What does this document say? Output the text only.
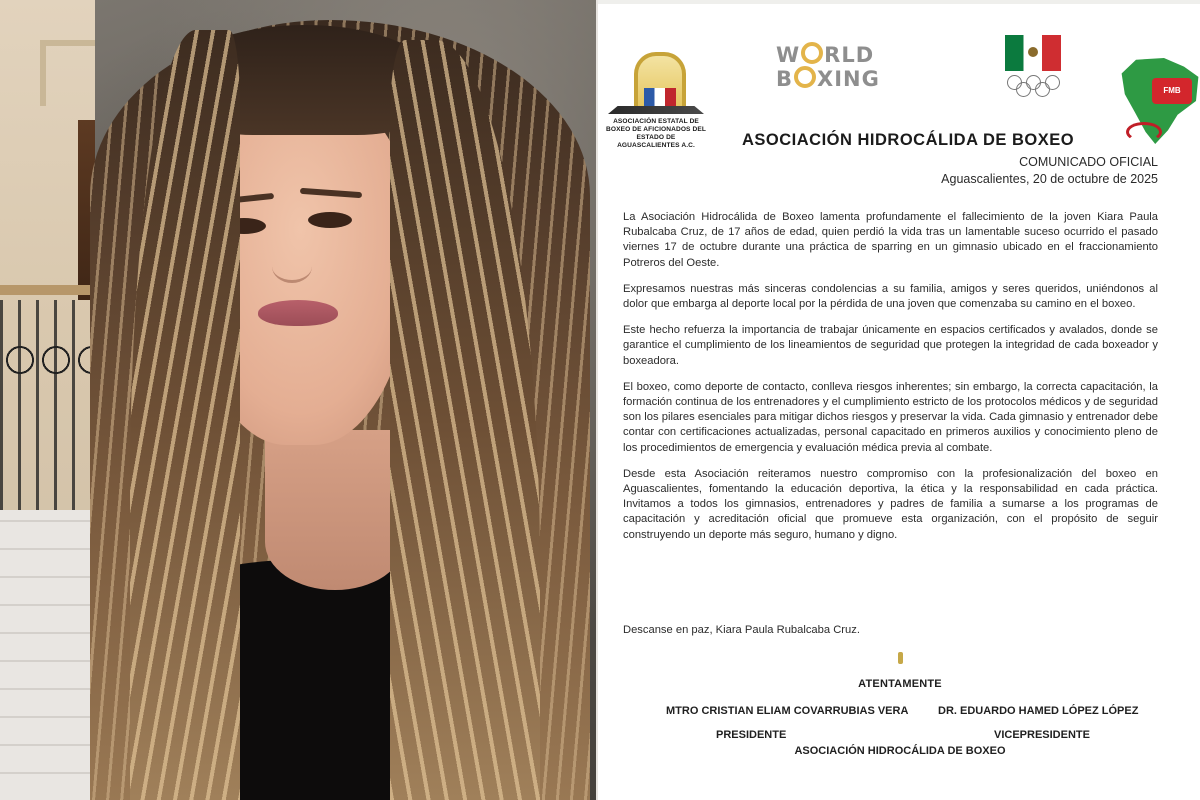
ASOCIACIÓN ESTATAL DE BOXEO DE AFICIONADOS DEL ESTADO DE AGUASCALIENTES A.C.
W RLD
B XING	FMB
ASOCIACIÓN HIDROCÁLIDA DE BOXEO
COMUNICADO OFICIAL
Aguascalientes, 20 de octubre de 2025

La Asociación Hidrocálida de Boxeo lamenta profundamente el fallecimiento de la joven Kiara Paula Rubalcaba Cruz, de 17 años de edad, quien perdió la vida tras un lamentable suceso ocurrido el pasado viernes 17 de octubre durante una práctica de sparring en un gimnasio ubicado en el fraccionamiento Potreros del Oeste.

Expresamos nuestras más sinceras condolencias a su familia, amigos y seres queridos, uniéndonos al dolor que embarga al deporte local por la pérdida de una joven que comenzaba su camino en el boxeo.

Este hecho refuerza la importancia de trabajar únicamente en espacios certificados y avalados, donde se garantice el cumplimiento de los lineamientos de seguridad que protegen la integridad de cada boxeador y boxeadora.

El boxeo, como deporte de contacto, conlleva riesgos inherentes; sin embargo, la correcta capacitación, la formación continua de los entrenadores y el cumplimiento estricto de los protocolos médicos y de seguridad son los pilares esenciales para mitigar dichos riesgos y preservar la vida. Cada gimnasio y entrenador debe contar con certificaciones actualizadas, personal capacitado en primeros auxilios y conocimiento pleno de los procedimientos de emergencia y evaluación médica previa al combate.

Desde esta Asociación reiteramos nuestro compromiso con la profesionalización del boxeo en Aguascalientes, fomentando la educación deportiva, la ética y la responsabilidad en cada práctica. Invitamos a todos los gimnasios, entrenadores y padres de familia a sumarse a los programas de capacitación y acreditación oficial que promueve esta organización, con el propósito de seguir construyendo un deporte más seguro, humano y digno.

Descanse en paz, Kiara Paula Rubalcaba Cruz.
ATENTAMENTE
MTRO CRISTIAN ELIAM COVARRUBIAS VERA	DR. EDUARDO HAMED LÓPEZ LÓPEZ
PRESIDENTE	VICEPRESIDENTE
ASOCIACIÓN HIDROCÁLIDA DE BOXEO
